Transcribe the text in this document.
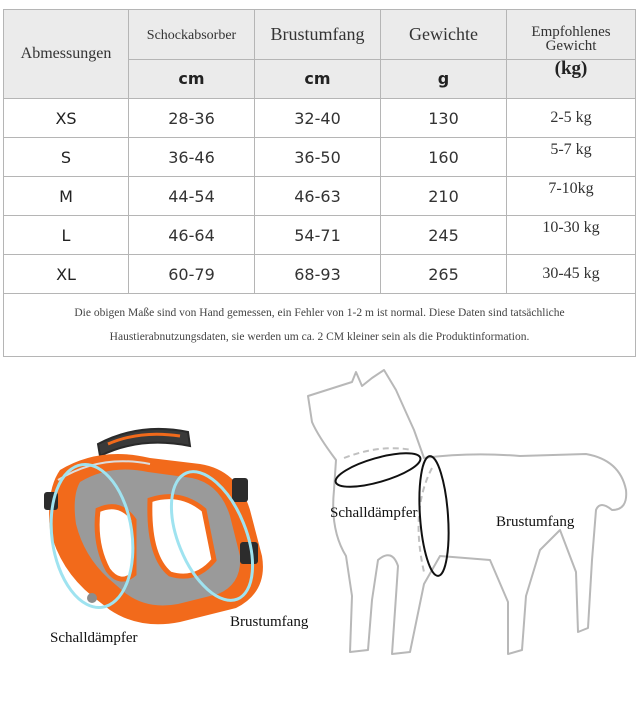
Abmessungen	Schockabsorber	Brustumfang	Gewichte	Empfohlenes
Gewicht

	cm	cm	g	(kg)
XS	28-36	32-40	130	2-5 kg
S	36-46	36-50	160	5-7 kg
M	44-54	46-63	210	7-10kg
L	46-64	54-71	245	10-30 kg
XL	60-79	68-93	265	30-45 kg
Die obigen Maße sind von Hand gemessen, ein Fehler von 1-2 m ist normal. Diese Daten sind tatsächliche
Haustierabnutzungsdaten, sie werden um ca. 2 CM kleiner sein als die Produktinformation.				
Schalldämpfer
Brustumfang
Schalldämpfer
Brustumfang
